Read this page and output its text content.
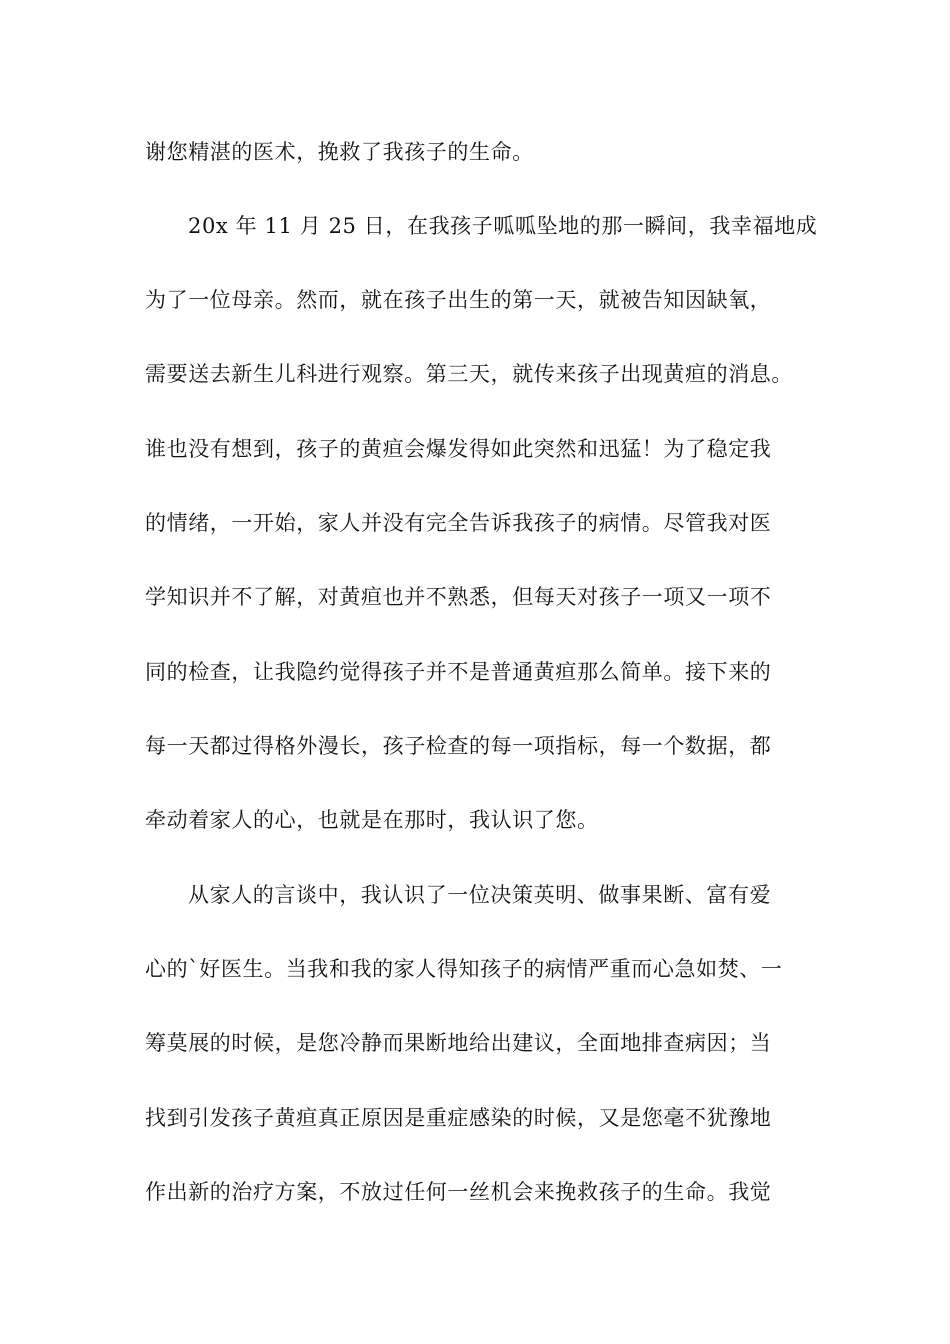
谢您精湛的医术，挽救了我孩子的生命。
20x 年 11 月 25 日，在我孩子呱呱坠地的那一瞬间，我幸福地成
为了一位母亲。然而，就在孩子出生的第一天，就被告知因缺氧，
需要送去新生儿科进行观察。第三天，就传来孩子出现黄疸的消息。
谁也没有想到，孩子的黄疸会爆发得如此突然和迅猛！为了稳定我
的情绪，一开始，家人并没有完全告诉我孩子的病情。尽管我对医
学知识并不了解，对黄疸也并不熟悉，但每天对孩子一项又一项不
同的检查，让我隐约觉得孩子并不是普通黄疸那么简单。接下来的
每一天都过得格外漫长，孩子检查的每一项指标，每一个数据，都
牵动着家人的心，也就是在那时，我认识了您。
从家人的言谈中，我认识了一位决策英明、做事果断、富有爱
心的`好医生。当我和我的家人得知孩子的病情严重而心急如焚、一
筹莫展的时候，是您冷静而果断地给出建议，全面地排查病因；当
找到引发孩子黄疸真正原因是重症感染的时候，又是您毫不犹豫地
作出新的治疗方案，不放过任何一丝机会来挽救孩子的生命。我觉
